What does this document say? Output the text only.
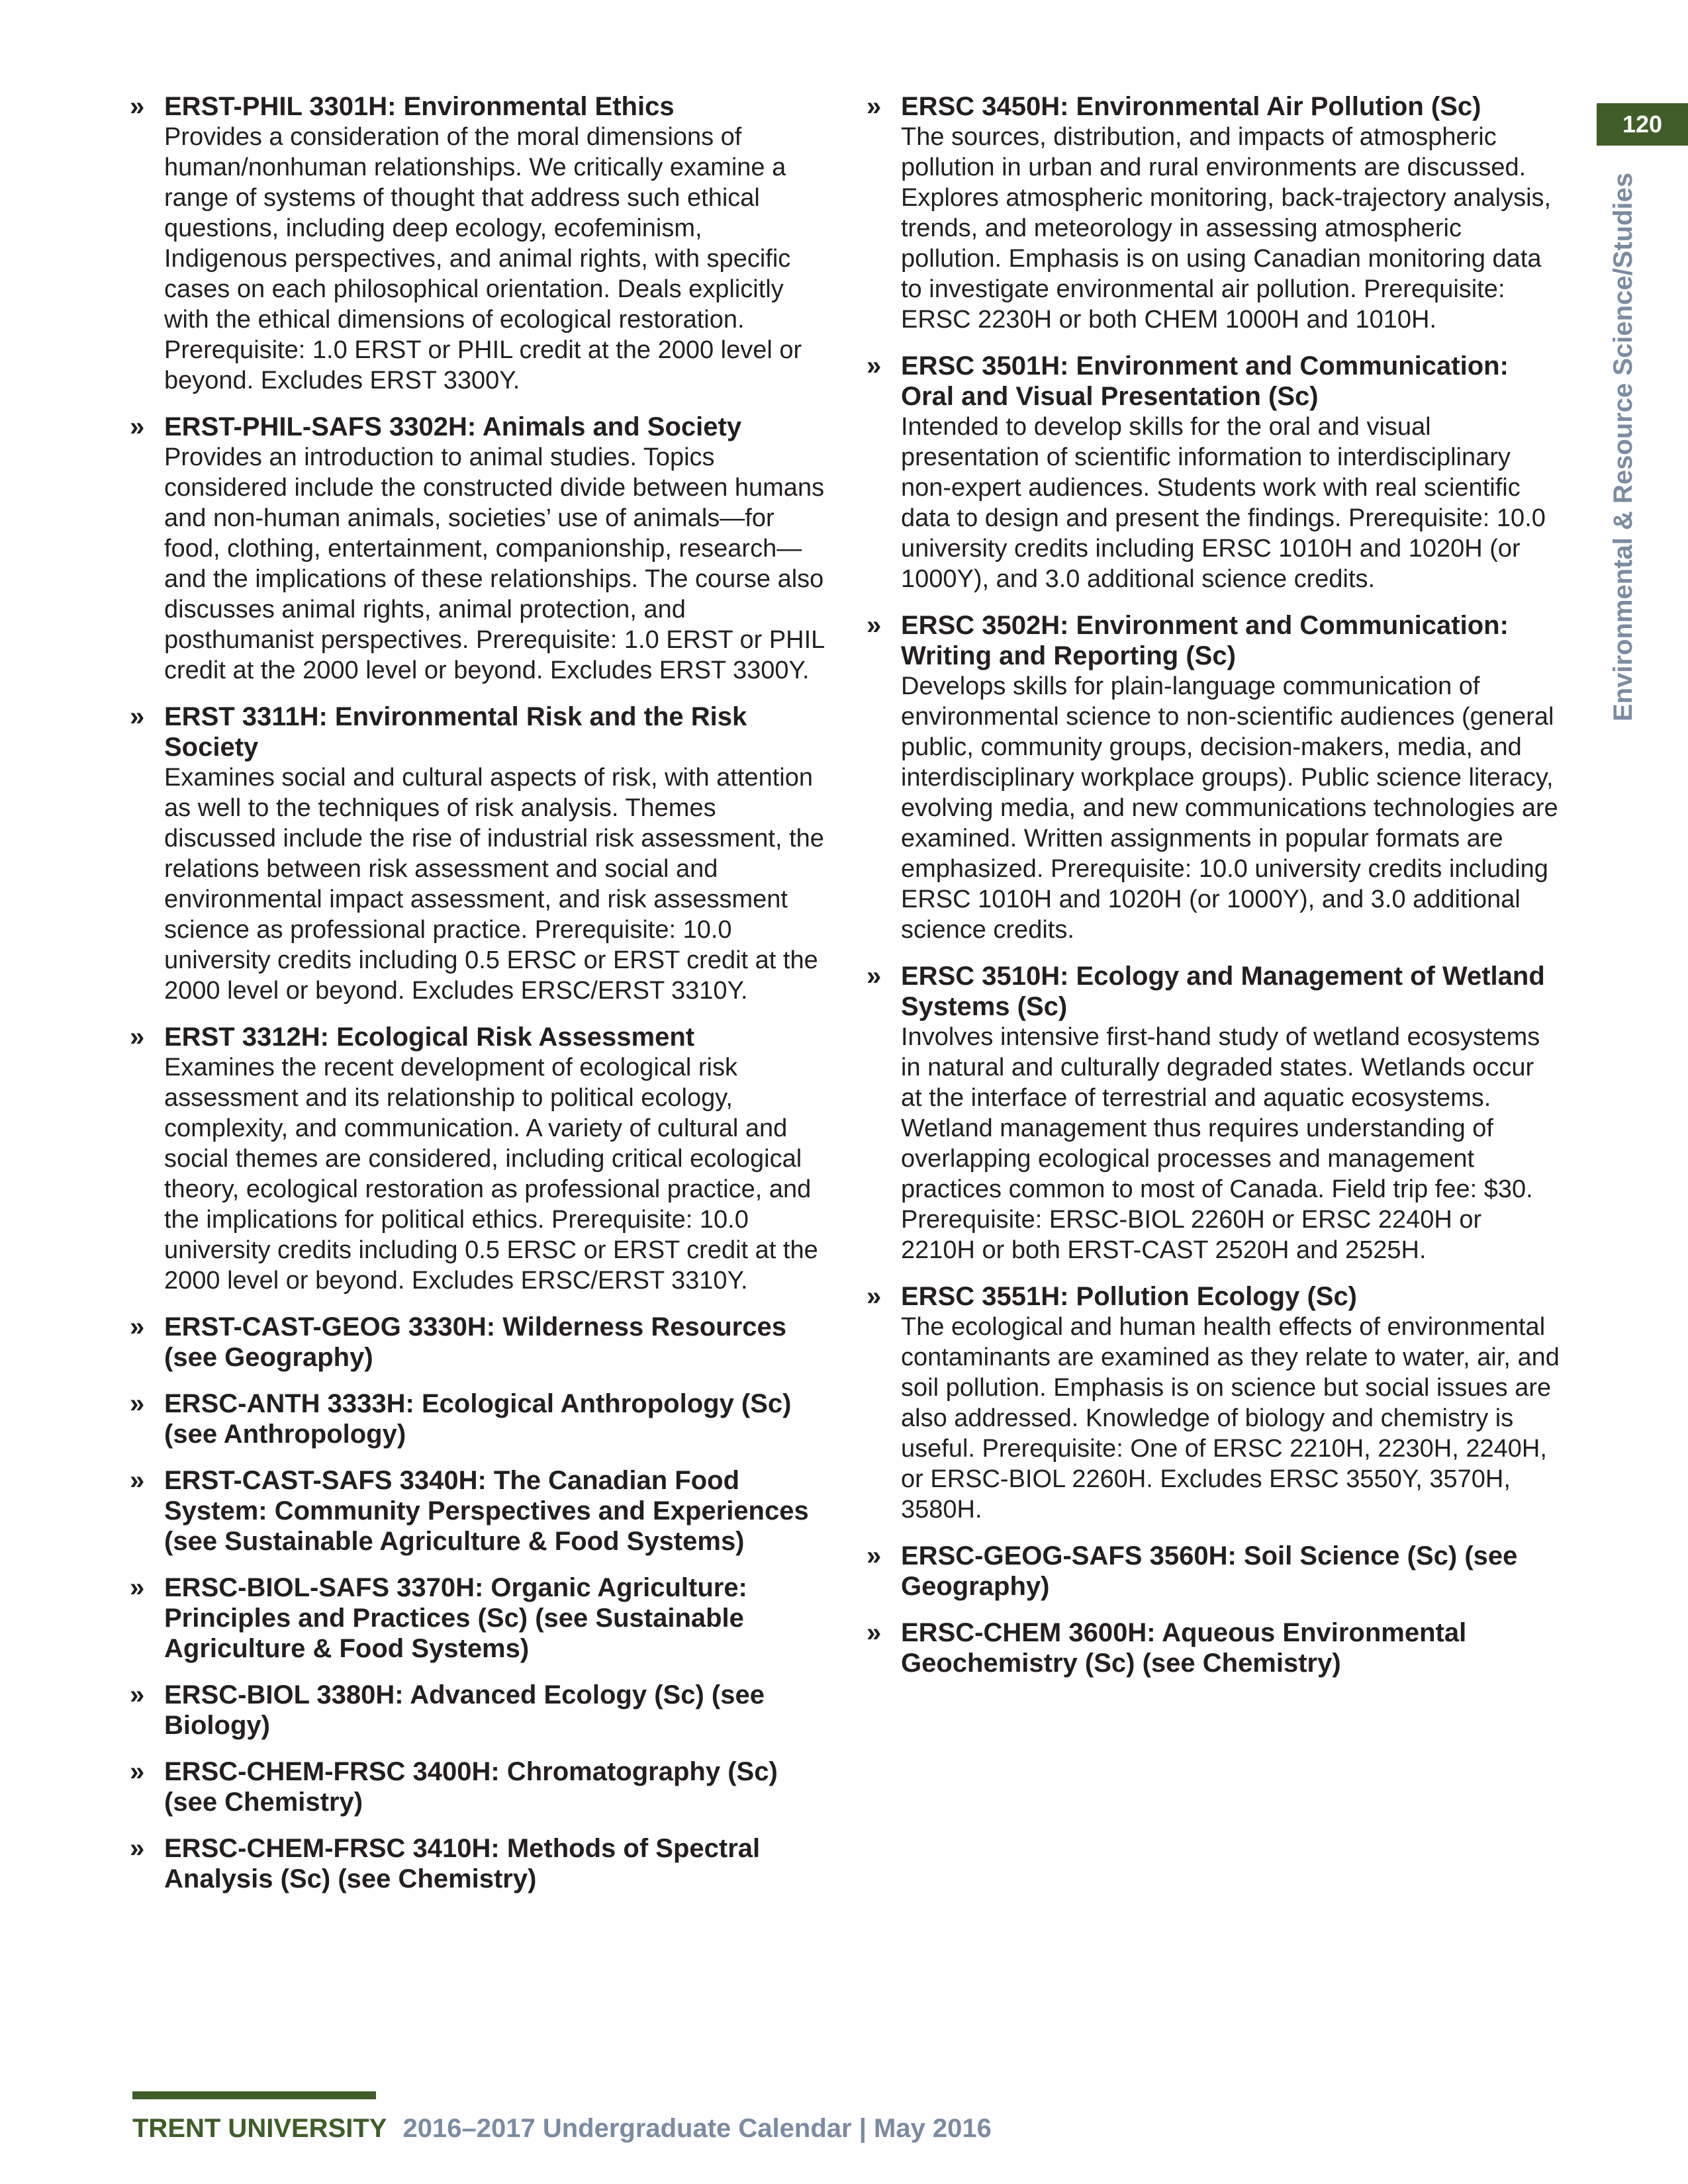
120
Environmental & Resource Science/Studies
» ERST-PHIL 3301H: Environmental Ethics
Provides a consideration of the moral dimensions of human/nonhuman relationships. We critically examine a range of systems of thought that address such ethical questions, including deep ecology, ecofeminism, Indigenous perspectives, and animal rights, with specific cases on each philosophical orientation. Deals explicitly with the ethical dimensions of ecological restoration. Prerequisite: 1.0 ERST or PHIL credit at the 2000 level or beyond. Excludes ERST 3300Y.
» ERST-PHIL-SAFS 3302H: Animals and Society
Provides an introduction to animal studies. Topics considered include the constructed divide between humans and non-human animals, societies’ use of animals—for food, clothing, entertainment, companionship, research—and the implications of these relationships. The course also discusses animal rights, animal protection, and posthumanist perspectives. Prerequisite: 1.0 ERST or PHIL credit at the 2000 level or beyond. Excludes ERST 3300Y.
» ERST 3311H: Environmental Risk and the Risk Society
Examines social and cultural aspects of risk, with attention as well to the techniques of risk analysis. Themes discussed include the rise of industrial risk assessment, the relations between risk assessment and social and environmental impact assessment, and risk assessment science as professional practice. Prerequisite: 10.0 university credits including 0.5 ERSC or ERST credit at the 2000 level or beyond. Excludes ERSC/ERST 3310Y.
» ERST 3312H: Ecological Risk Assessment
Examines the recent development of ecological risk assessment and its relationship to political ecology, complexity, and communication. A variety of cultural and social themes are considered, including critical ecological theory, ecological restoration as professional practice, and the implications for political ethics. Prerequisite: 10.0 university credits including 0.5 ERSC or ERST credit at the 2000 level or beyond. Excludes ERSC/ERST 3310Y.
» ERST-CAST-GEOG 3330H: Wilderness Resources (see Geography)
» ERSC-ANTH 3333H: Ecological Anthropology (Sc) (see Anthropology)
» ERST-CAST-SAFS 3340H: The Canadian Food System: Community Perspectives and Experiences (see Sustainable Agriculture & Food Systems)
» ERSC-BIOL-SAFS 3370H: Organic Agriculture: Principles and Practices (Sc) (see Sustainable Agriculture & Food Systems)
» ERSC-BIOL 3380H: Advanced Ecology (Sc) (see Biology)
» ERSC-CHEM-FRSC 3400H: Chromatography (Sc) (see Chemistry)
» ERSC-CHEM-FRSC 3410H: Methods of Spectral Analysis (Sc) (see Chemistry)
» ERSC 3450H: Environmental Air Pollution (Sc)
The sources, distribution, and impacts of atmospheric pollution in urban and rural environments are discussed. Explores atmospheric monitoring, back-trajectory analysis, trends, and meteorology in assessing atmospheric pollution. Emphasis is on using Canadian monitoring data to investigate environmental air pollution. Prerequisite: ERSC 2230H or both CHEM 1000H and 1010H.
» ERSC 3501H: Environment and Communication: Oral and Visual Presentation (Sc)
Intended to develop skills for the oral and visual presentation of scientific information to interdisciplinary non-expert audiences. Students work with real scientific data to design and present the findings. Prerequisite: 10.0 university credits including ERSC 1010H and 1020H (or 1000Y), and 3.0 additional science credits.
» ERSC 3502H: Environment and Communication: Writing and Reporting (Sc)
Develops skills for plain-language communication of environmental science to non-scientific audiences (general public, community groups, decision-makers, media, and interdisciplinary workplace groups). Public science literacy, evolving media, and new communications technologies are examined. Written assignments in popular formats are emphasized. Prerequisite: 10.0 university credits including ERSC 1010H and 1020H (or 1000Y), and 3.0 additional science credits.
» ERSC 3510H: Ecology and Management of Wetland Systems (Sc)
Involves intensive first-hand study of wetland ecosystems in natural and culturally degraded states. Wetlands occur at the interface of terrestrial and aquatic ecosystems. Wetland management thus requires understanding of overlapping ecological processes and management practices common to most of Canada. Field trip fee: $30. Prerequisite: ERSC-BIOL 2260H or ERSC 2240H or 2210H or both ERST-CAST 2520H and 2525H.
» ERSC 3551H: Pollution Ecology (Sc)
The ecological and human health effects of environmental contaminants are examined as they relate to water, air, and soil pollution. Emphasis is on science but social issues are also addressed. Knowledge of biology and chemistry is useful. Prerequisite: One of ERSC 2210H, 2230H, 2240H, or ERSC-BIOL 2260H. Excludes ERSC 3550Y, 3570H, 3580H.
» ERSC-GEOG-SAFS 3560H: Soil Science (Sc) (see Geography)
» ERSC-CHEM 3600H: Aqueous Environmental Geochemistry (Sc) (see Chemistry)
TRENT UNIVERSITY 2016–2017 Undergraduate Calendar | May 2016
